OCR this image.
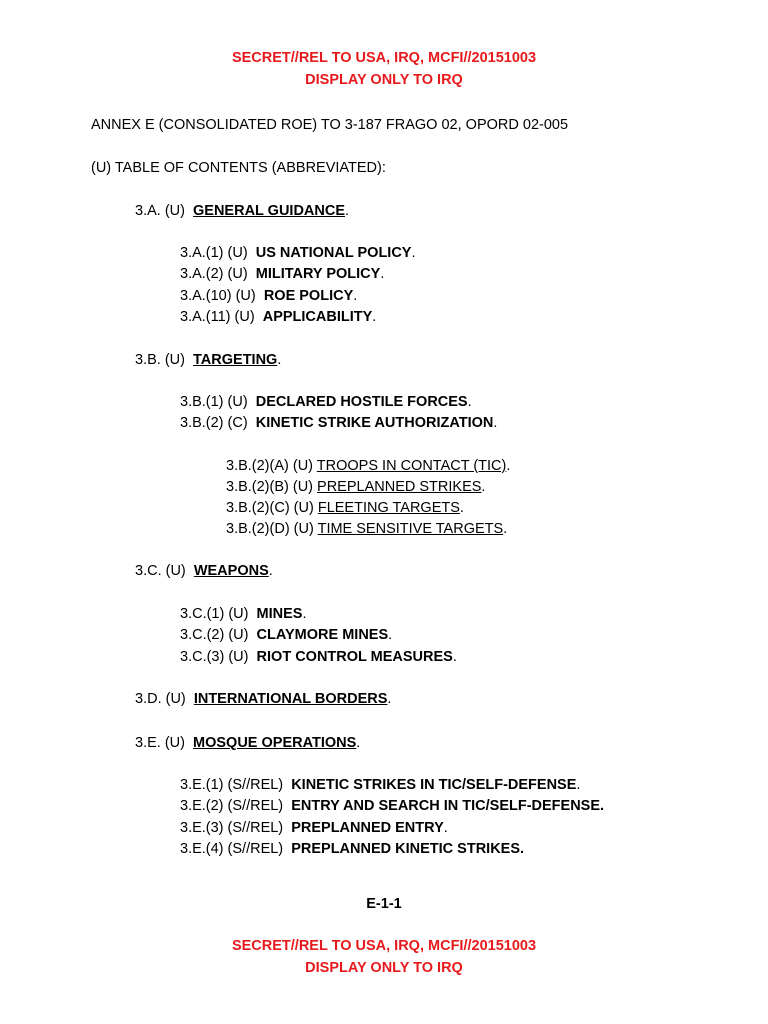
SECRET//REL TO USA, IRQ, MCFI//20151003
DISPLAY ONLY TO IRQ
ANNEX E (CONSOLIDATED ROE) TO 3-187 FRAGO 02, OPORD 02-005
(U) TABLE OF CONTENTS (ABBREVIATED):
3.A. (U) GENERAL GUIDANCE.
3.A.(1) (U) US NATIONAL POLICY.
3.A.(2) (U) MILITARY POLICY.
3.A.(10) (U) ROE POLICY.
3.A.(11) (U) APPLICABILITY.
3.B. (U) TARGETING.
3.B.(1) (U) DECLARED HOSTILE FORCES.
3.B.(2) (C) KINETIC STRIKE AUTHORIZATION.
3.B.(2)(A) (U) TROOPS IN CONTACT (TIC).
3.B.(2)(B) (U) PREPLANNED STRIKES.
3.B.(2)(C) (U) FLEETING TARGETS.
3.B.(2)(D) (U) TIME SENSITIVE TARGETS.
3.C. (U) WEAPONS.
3.C.(1) (U) MINES.
3.C.(2) (U) CLAYMORE MINES.
3.C.(3) (U) RIOT CONTROL MEASURES.
3.D. (U) INTERNATIONAL BORDERS.
3.E. (U) MOSQUE OPERATIONS.
3.E.(1) (S//REL) KINETIC STRIKES IN TIC/SELF-DEFENSE.
3.E.(2) (S//REL) ENTRY AND SEARCH IN TIC/SELF-DEFENSE.
3.E.(3) (S//REL) PREPLANNED ENTRY.
3.E.(4) (S//REL) PREPLANNED KINETIC STRIKES.
E-1-1
SECRET//REL TO USA, IRQ, MCFI//20151003
DISPLAY ONLY TO IRQ
